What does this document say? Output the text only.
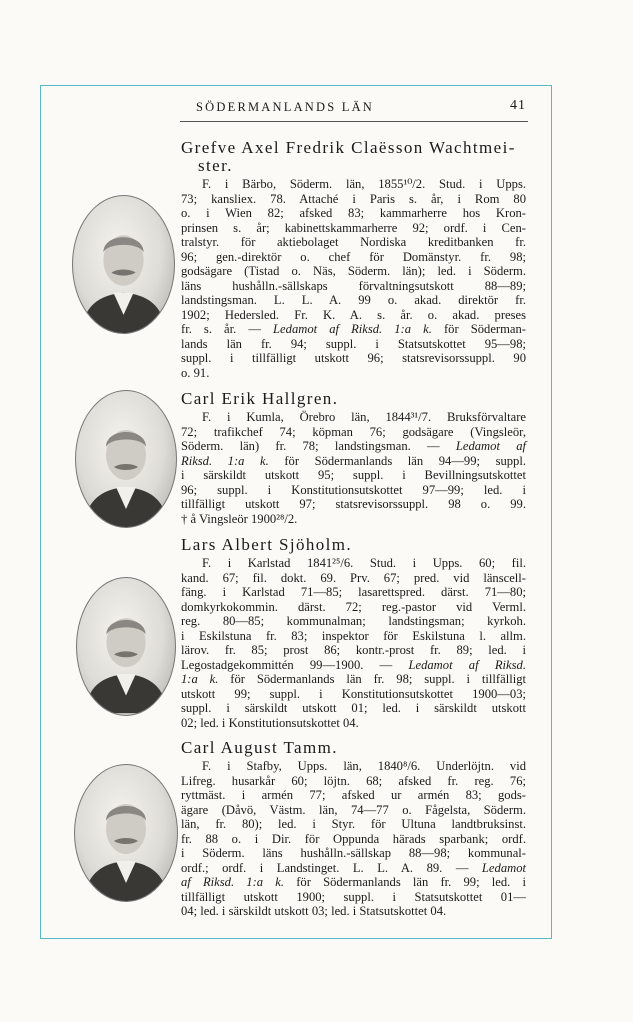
SÖDERMANLANDS LÄN	41
Grefve Axel Fredrik Claësson Wachtmei-
ster.
F. i Bärbo, Söderm. län, 1855¹⁰/2. Stud. i Upps.
73; kansliex. 78. Attaché i Paris s. år, i Rom 80
o. i Wien 82; afsked 83; kammarherre hos Kron-
prinsen s. år; kabinettskammarherre 92; ordf. i Cen-
tralstyr. för aktiebolaget Nordiska kreditbanken fr.
96; gen.-direktör o. chef för Domänstyr. fr. 98;
godsägare (Tistad o. Näs, Söderm. län); led. i Söderm.
läns hushålln.-sällskaps förvaltningsutskott 88—89;
landstingsman. L. L. A. 99 o. akad. direktör fr.
1902; Hedersled. Fr. K. A. s. år. o. akad. preses
fr. s. år. — Ledamot af Riksd. 1:a k. för Söderman-
lands län fr. 94; suppl. i Statsutskottet 95—98;
suppl. i tillfälligt utskott 96; statsrevisorssuppl. 90
o. 91.
Carl Erik Hallgren.
F. i Kumla, Örebro län, 1844³¹/7. Bruksförvaltare
72; trafikchef 74; köpman 76; godsägare (Vingsleör,
Söderm. län) fr. 78; landstingsman. — Ledamot af
Riksd. 1:a k. för Södermanlands län 94—99; suppl.
i särskildt utskott 95; suppl. i Bevillningsutskottet
96; suppl. i Konstitutionsutskottet 97—99; led. i
tillfälligt utskott 97; statsrevisorssuppl. 98 o. 99.
† å Vingsleör 1900²⁸/2.
Lars Albert Sjöholm.
F. i Karlstad 1841²⁵/6. Stud. i Upps. 60; fil.
kand. 67; fil. dokt. 69. Prv. 67; pred. vid länscell-
fäng. i Karlstad 71—85; lasarettspred. därst. 71—80;
domkyrkokommin. därst. 72; reg.-pastor vid Verml.
reg. 80—85; kommunalman; landstingsman; kyrkoh.
i Eskilstuna fr. 83; inspektor för Eskilstuna l. allm.
lärov. fr. 85; prost 86; kontr.-prost fr. 89; led. i
Legostadgekommittén 99—1900. — Ledamot af Riksd.
1:a k. för Södermanlands län fr. 98; suppl. i tillfälligt
utskott 99; suppl. i Konstitutionsutskottet 1900—03;
suppl. i särskildt utskott 01; led. i särskildt utskott
02; led. i Konstitutionsutskottet 04.
Carl August Tamm.
F. i Stafby, Upps. län, 1840⁸/6. Underlöjtn. vid
Lifreg. husarkår 60; löjtn. 68; afsked fr. reg. 76;
ryttmäst. i armén 77; afsked ur armén 83; gods-
ägare (Dåvö, Västm. län, 74—77 o. Fågelsta, Söderm.
län, fr. 80); led. i Styr. för Ultuna landtbruksinst.
fr. 88 o. i Dir. för Oppunda härads sparbank; ordf.
i Söderm. läns hushålln.-sällskap 88—98; kommunal-
ordf.; ordf. i Landstinget. L. L. A. 89. — Ledamot
af Riksd. 1:a k. för Södermanlands län fr. 99; led. i
tillfälligt utskott 1900; suppl. i Statsutskottet 01—
04; led. i särskildt utskott 03; led. i Statsutskottet 04.
